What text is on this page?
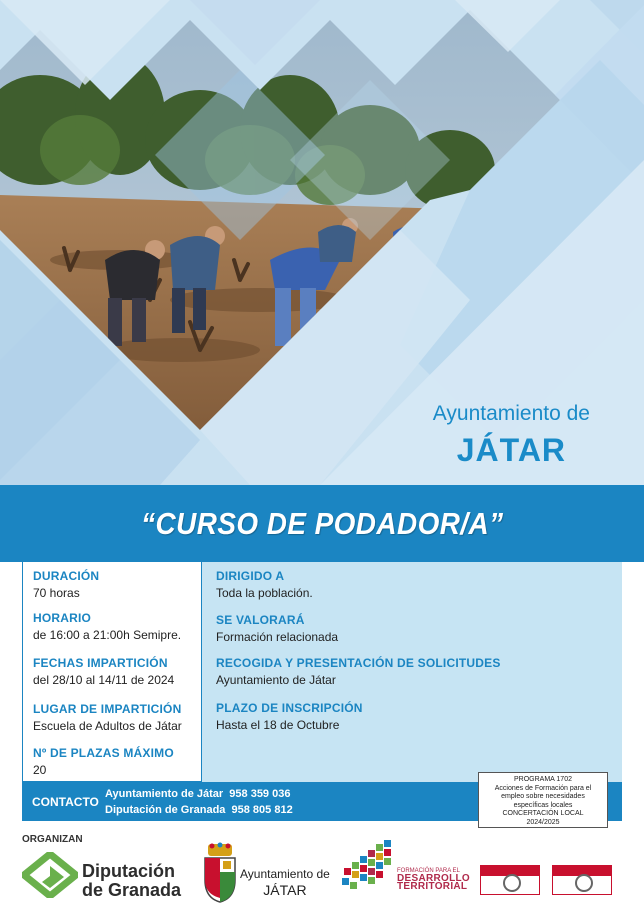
Ayuntamiento de
JÁTAR
“CURSO DE PODADOR/A”
DURACIÓN
70 horas
HORARIO
de 16:00 a 21:00h Semipre.
FECHAS IMPARTICIÓN
del 28/10 al 14/11 de 2024
LUGAR DE IMPARTICIÓN
Escuela de Adultos de Játar
Nº DE PLAZAS MÁXIMO
20
DIRIGIDO A
Toda la población.
SE VALORARÁ
Formación relacionada
RECOGIDA Y PRESENTACIÓN DE SOLICITUDES
Ayuntamiento de Játar
PLAZO DE INSCRIPCIÓN
Hasta el 18 de Octubre
CONTACTO
Ayuntamiento de Játar  958 359 036
Diputación de Granada  958 805 812
PROGRAMA 1702
Acciones de Formación para el
empleo sobre necesidades
específicas locales
CONCERTACIÓN LOCAL
2024/2025
ORGANIZAN
Diputación
de Granada
Ayuntamiento de
JÁTAR
FORMACIÓN PARA EL
DESARROLLO
TERRITORIAL
